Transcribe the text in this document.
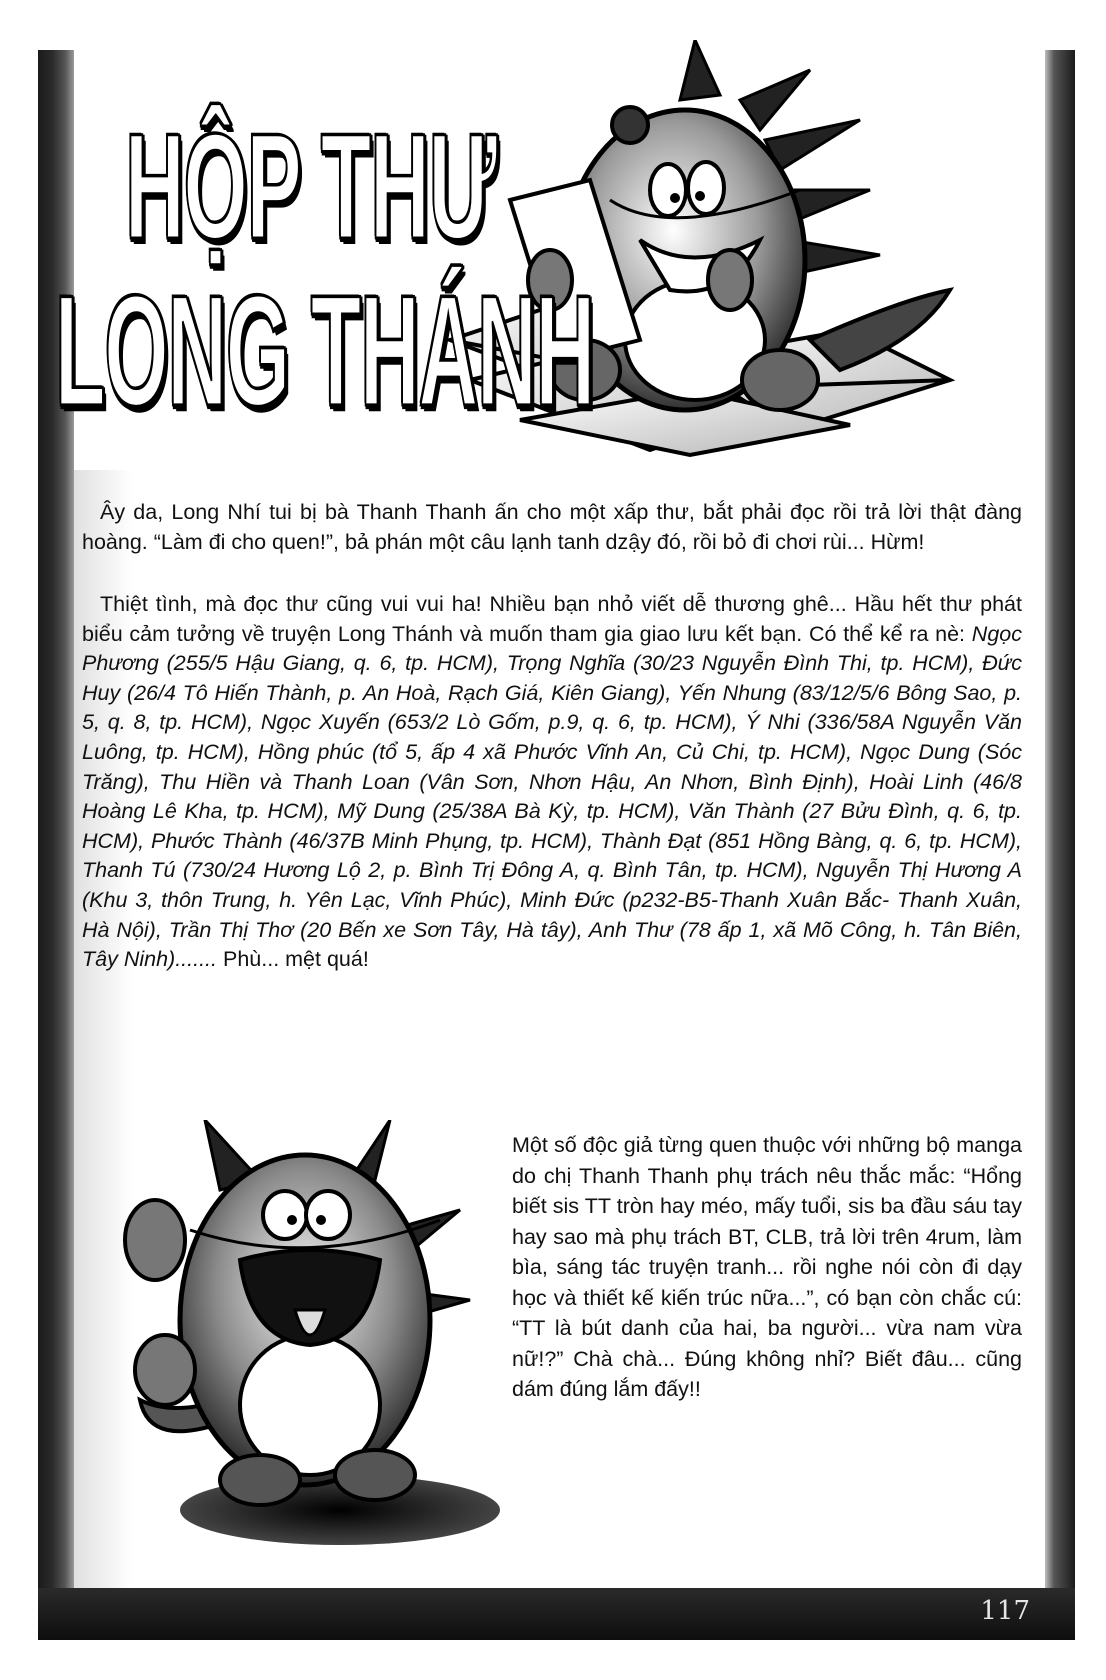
117
HỘP THƯ
LONG THÁNH
Ây da, Long Nhí tui bị bà Thanh Thanh ấn cho một xấp thư, bắt phải đọc rồi trả lời thật đàng hoàng. “Làm đi cho quen!”, bả phán một câu lạnh tanh dzậy đó, rồi bỏ đi chơi rùi... Hừm!
Thiệt tình, mà đọc thư cũng vui vui ha! Nhiều bạn nhỏ viết dễ thương ghê... Hầu hết thư phát biểu cảm tưởng về truyện Long Thánh và muốn tham gia giao lưu kết bạn. Có thể kể ra nè: Ngọc Phương (255/5 Hậu Giang, q. 6, tp. HCM), Trọng Nghĩa (30/23 Nguyễn Đình Thi, tp. HCM), Đức Huy (26/4 Tô Hiến Thành, p. An Hoà, Rạch Giá, Kiên Giang), Yến Nhung (83/12/5/6 Bông Sao, p. 5, q. 8, tp. HCM), Ngọc Xuyến (653/2 Lò Gốm, p.9, q. 6, tp. HCM), Ý Nhi (336/58A Nguyễn Văn Luông, tp. HCM), Hồng phúc (tổ 5, ấp 4 xã Phước Vĩnh An, Củ Chi, tp. HCM), Ngọc Dung (Sóc Trăng), Thu Hiền và Thanh Loan (Vân Sơn, Nhơn Hậu, An Nhơn, Bình Định), Hoài Linh (46/8 Hoàng Lê Kha, tp. HCM), Mỹ Dung (25/38A Bà Kỳ, tp. HCM), Văn Thành (27 Bửu Đình, q. 6, tp. HCM), Phước Thành (46/37B Minh Phụng, tp. HCM), Thành Đạt (851 Hồng Bàng, q. 6, tp. HCM), Thanh Tú (730/24 Hương Lộ 2, p. Bình Trị Đông A, q. Bình Tân, tp. HCM), Nguyễn Thị Hương A (Khu 3, thôn Trung, h. Yên Lạc, Vĩnh Phúc), Minh Đức (p232-B5-Thanh Xuân Bắc- Thanh Xuân, Hà Nội), Trần Thị Thơ (20 Bến xe Sơn Tây, Hà tây), Anh Thư (78 ấp 1, xã Mõ Công, h. Tân Biên, Tây Ninh)....... Phù... mệt quá!
Một số độc giả từng quen thuộc với những bộ manga do chị Thanh Thanh phụ trách nêu thắc mắc: “Hổng biết sis TT tròn hay méo, mấy tuổi, sis ba đầu sáu tay hay sao mà phụ trách BT, CLB, trả lời trên 4rum, làm bìa, sáng tác truyện tranh... rồi nghe nói còn đi dạy học và thiết kế kiến trúc nữa...”, có bạn còn chắc cú: “TT là bút danh của hai, ba người... vừa nam vừa nữ!?” Chà chà... Đúng không nhỉ? Biết đâu... cũng dám đúng lắm đấy!!
